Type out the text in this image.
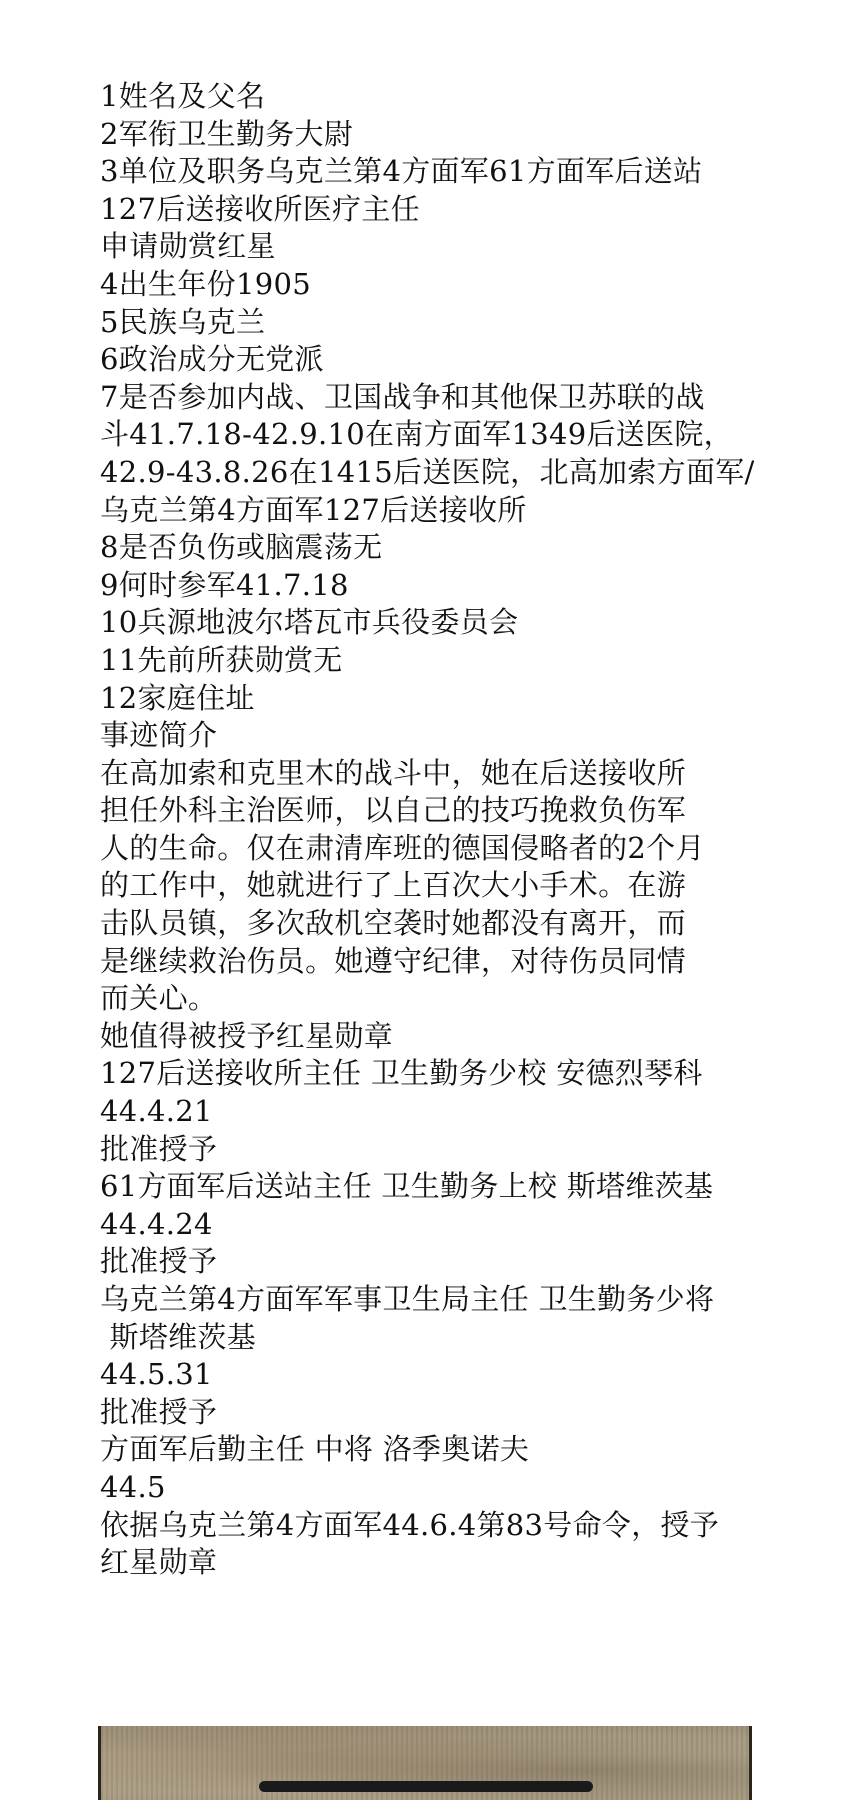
1姓名及父名
2军衔卫生勤务大尉
3单位及职务乌克兰第4方面军61方面军后送站
127后送接收所医疗主任
申请勋赏红星
4出生年份1905
5民族乌克兰
6政治成分无党派
7是否参加内战、卫国战争和其他保卫苏联的战
斗41.7.18-42.9.10在南方面军1349后送医院，
42.9-43.8.26在1415后送医院，北高加索方面军/
乌克兰第4方面军127后送接收所
8是否负伤或脑震荡无
9何时参军41.7.18
10兵源地波尔塔瓦市兵役委员会
11先前所获勋赏无
12家庭住址
事迹简介
在高加索和克里木的战斗中，她在后送接收所
担任外科主治医师，以自己的技巧挽救负伤军
人的生命。仅在肃清库班的德国侵略者的2个月
的工作中，她就进行了上百次大小手术。在游
击队员镇，多次敌机空袭时她都没有离开，而
是继续救治伤员。她遵守纪律，对待伤员同情
而关心。
她值得被授予红星勋章
127后送接收所主任 卫生勤务少校 安德烈琴科
44.4.21
批准授予
61方面军后送站主任 卫生勤务上校 斯塔维茨基
44.4.24
批准授予
乌克兰第4方面军军事卫生局主任 卫生勤务少将
斯塔维茨基
44.5.31
批准授予
方面军后勤主任 中将 洛季奥诺夫
44.5
依据乌克兰第4方面军44.6.4第83号命令，授予
红星勋章
